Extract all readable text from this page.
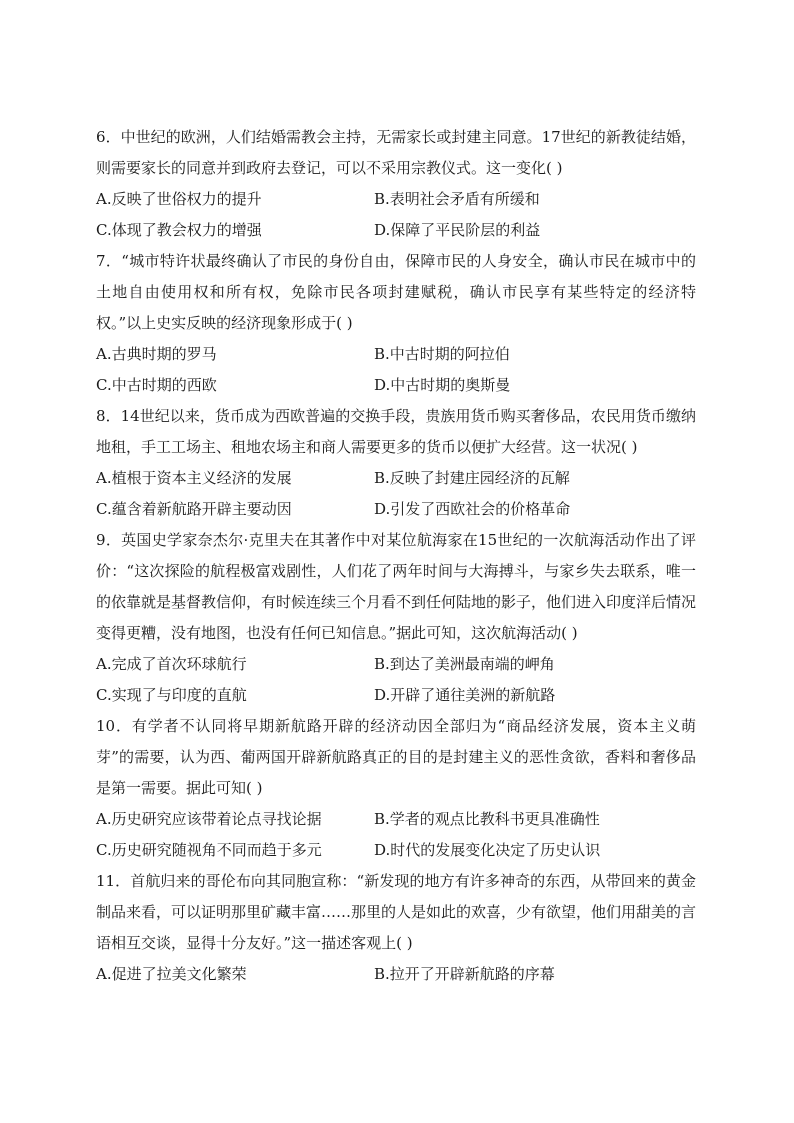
6．中世纪的欧洲，人们结婚需教会主持，无需家长或封建主同意。17世纪的新教徒结婚，则需要家长的同意并到政府去登记，可以不采用宗教仪式。这一变化( )

A.反映了世俗权力的提升	B.表明社会矛盾有所缓和
C.体现了教会权力的增强	D.保障了平民阶层的利益

7．“城市特许状最终确认了市民的身份自由，保障市民的人身安全，确认市民在城市中的土地自由使用权和所有权，免除市民各项封建赋税，确认市民享有某些特定的经济特权。”以上史实反映的经济现象形成于( )

A.古典时期的罗马	B.中古时期的阿拉伯
C.中古时期的西欧	D.中古时期的奥斯曼

8．14世纪以来，货币成为西欧普遍的交换手段，贵族用货币购买奢侈品，农民用货币缴纳地租，手工工场主、租地农场主和商人需要更多的货币以便扩大经营。这一状况( )

A.植根于资本主义经济的发展	B.反映了封建庄园经济的瓦解
C.蕴含着新航路开辟主要动因	D.引发了西欧社会的价格革命

9．英国史学家奈杰尔·克里夫在其著作中对某位航海家在15世纪的一次航海活动作出了评价：“这次探险的航程极富戏剧性，人们花了两年时间与大海搏斗，与家乡失去联系，唯一的依靠就是基督教信仰，有时候连续三个月看不到任何陆地的影子，他们进入印度洋后情况变得更糟，没有地图，也没有任何已知信息。”据此可知，这次航海活动( )

A.完成了首次环球航行	B.到达了美洲最南端的岬角
C.实现了与印度的直航	D.开辟了通往美洲的新航路

10．有学者不认同将早期新航路开辟的经济动因全部归为“商品经济发展，资本主义萌芽”的需要，认为西、葡两国开辟新航路真正的目的是封建主义的恶性贪欲，香料和奢侈品是第一需要。据此可知( )

A.历史研究应该带着论点寻找论据	B.学者的观点比教科书更具准确性
C.历史研究随视角不同而趋于多元	D.时代的发展变化决定了历史认识

11．首航归来的哥伦布向其同胞宣称：“新发现的地方有许多神奇的东西，从带回来的黄金制品来看，可以证明那里矿藏丰富……那里的人是如此的欢喜，少有欲望，他们用甜美的言语相互交谈，显得十分友好。”这一描述客观上( )

A.促进了拉美文化繁荣	B.拉开了开辟新航路的序幕
